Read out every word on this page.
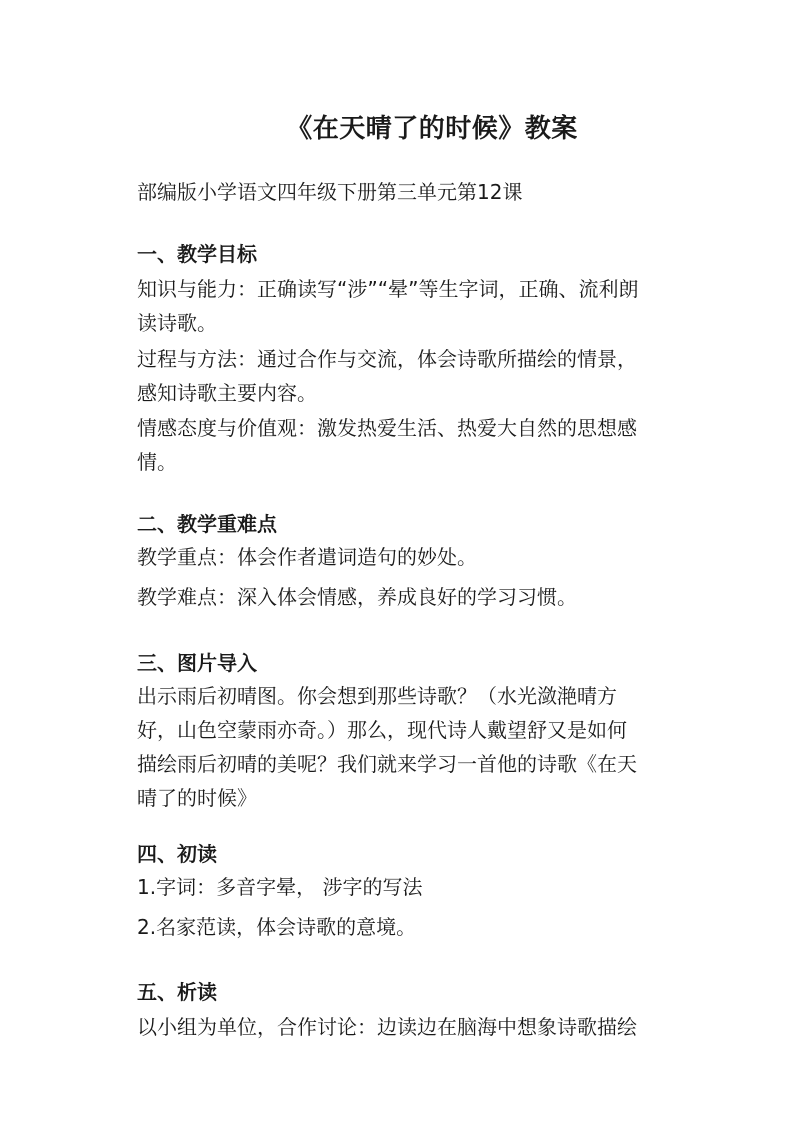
《在天晴了的时候》教案
部编版小学语文四年级下册第三单元第12课
一、教学目标
知识与能力：正确读写“涉”“晕”等生字词，正确、流利朗
读诗歌。
过程与方法：通过合作与交流，体会诗歌所描绘的情景，
感知诗歌主要内容。
情感态度与价值观：激发热爱生活、热爱大自然的思想感
情。
二、教学重难点
教学重点：体会作者遣词造句的妙处。
教学难点：深入体会情感，养成良好的学习习惯。
三、图片导入
出示雨后初晴图。你会想到那些诗歌？（水光潋滟晴方
好，山色空蒙雨亦奇。）那么，现代诗人戴望舒又是如何
描绘雨后初晴的美呢？我们就来学习一首他的诗歌《在天
晴了的时候》
四、初读
1.字词：多音字晕， 涉字的写法
2.名家范读，体会诗歌的意境。
五、析读
以小组为单位，合作讨论：边读边在脑海中想象诗歌描绘
